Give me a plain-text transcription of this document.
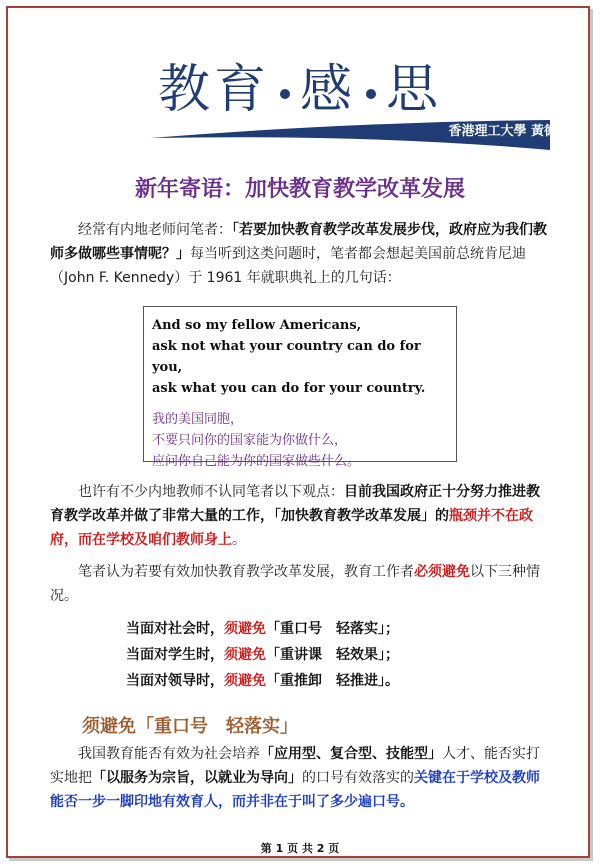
教育 感 思
香港理工大學 黃德輝
新年寄语：加快教育教学改革发展

经常有内地老师问笔者：「若要加快教育教学改革发展步伐，政府应为我们教师多做哪些事情呢？」每当听到这类问题时，笔者都会想起美国前总统肯尼迪（John F. Kennedy）于 1961 年就职典礼上的几句话：

And so my fellow Americans,
ask not what your country can do for you,
ask what you can do for your country.
我的美国同胞，
不要只问你的国家能为你做什么，
应问你自己能为你的国家做些什么。

也许有不少内地教师不认同笔者以下观点：目前我国政府正十分努力推进教育教学改革并做了非常大量的工作，「加快教育教学改革发展」的瓶颈并不在政府，而在学校及咱们教师身上。

笔者认为若要有效加快教育教学改革发展，教育工作者必须避免以下三种情况。

当面对社会时，须避免「重口号　轻落实」；
当面对学生时，须避免「重讲课　轻效果」；
当面对领导时，须避免「重推卸　轻推进」。
须避免「重口号　轻落实」

我国教育能否有效为社会培养「应用型、复合型、技能型」人才、能否实打实地把「以服务为宗旨，以就业为导向」的口号有效落实的关键在于学校及教师能否一步一脚印地有效育人，而并非在于叫了多少遍口号。

第 1 页 共 2 页
